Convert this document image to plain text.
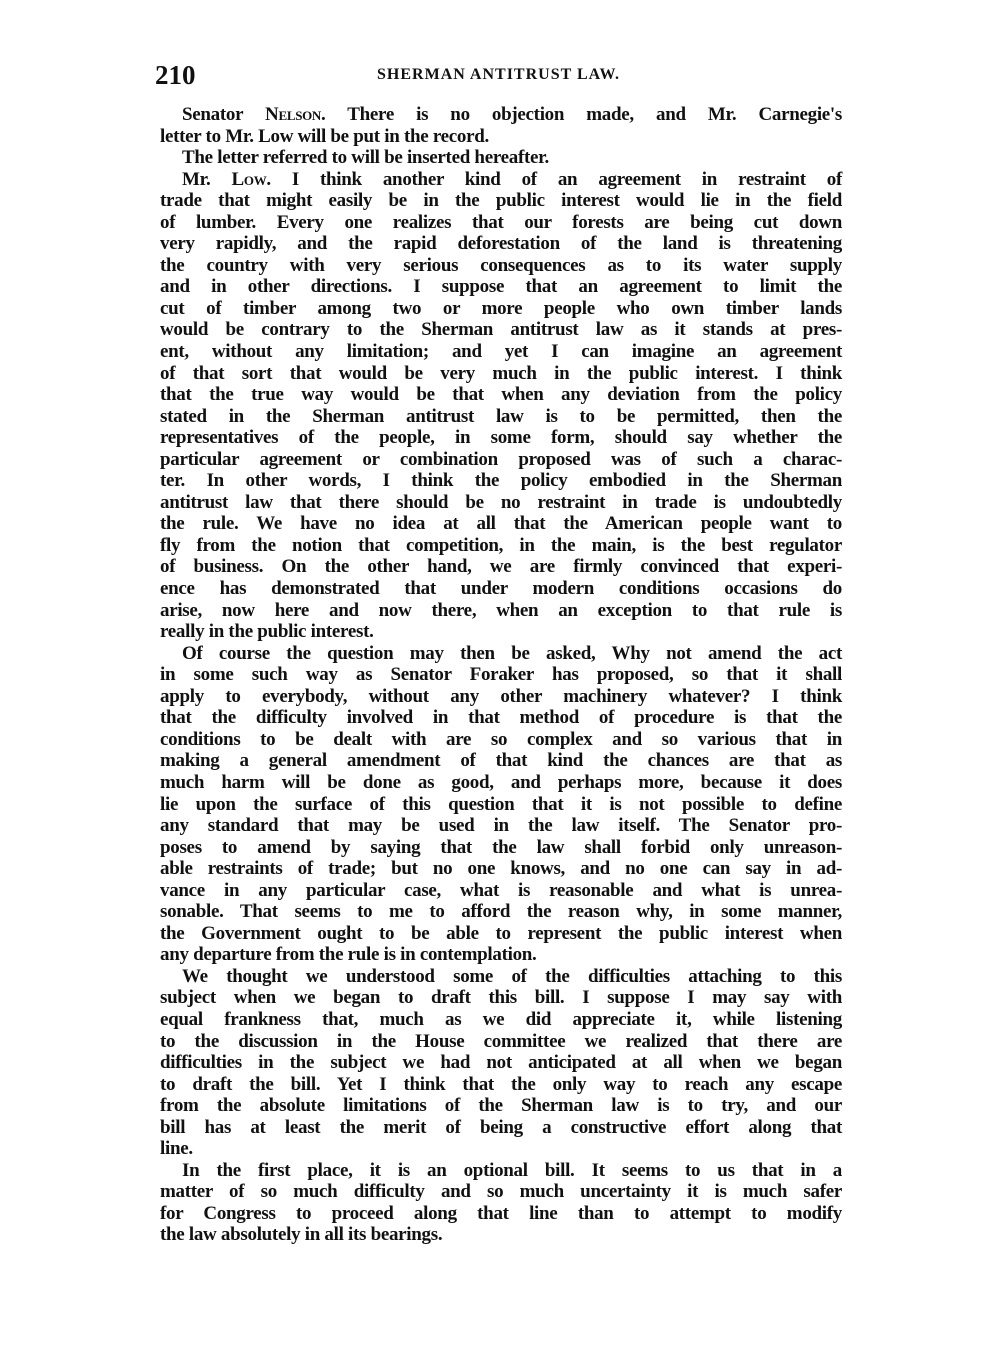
210	SHERMAN ANTITRUST LAW.
Senator Nelson. There is no objection made, and Mr. Carnegie's
letter to Mr. Low will be put in the record.
The letter referred to will be inserted hereafter.
Mr. Low. I think another kind of an agreement in restraint of
trade that might easily be in the public interest would lie in the field
of lumber. Every one realizes that our forests are being cut down
very rapidly, and the rapid deforestation of the land is threatening
the country with very serious consequences as to its water supply
and in other directions. I suppose that an agreement to limit the
cut of timber among two or more people who own timber lands
would be contrary to the Sherman antitrust law as it stands at pres-
ent, without any limitation; and yet I can imagine an agreement
of that sort that would be very much in the public interest. I think
that the true way would be that when any deviation from the policy
stated in the Sherman antitrust law is to be permitted, then the
representatives of the people, in some form, should say whether the
particular agreement or combination proposed was of such a charac-
ter. In other words, I think the policy embodied in the Sherman
antitrust law that there should be no restraint in trade is undoubtedly
the rule. We have no idea at all that the American people want to
fly from the notion that competition, in the main, is the best regulator
of business. On the other hand, we are firmly convinced that experi-
ence has demonstrated that under modern conditions occasions do
arise, now here and now there, when an exception to that rule is
really in the public interest.
Of course the question may then be asked, Why not amend the act
in some such way as Senator Foraker has proposed, so that it shall
apply to everybody, without any other machinery whatever? I think
that the difficulty involved in that method of procedure is that the
conditions to be dealt with are so complex and so various that in
making a general amendment of that kind the chances are that as
much harm will be done as good, and perhaps more, because it does
lie upon the surface of this question that it is not possible to define
any standard that may be used in the law itself. The Senator pro-
poses to amend by saying that the law shall forbid only unreason-
able restraints of trade; but no one knows, and no one can say in ad-
vance in any particular case, what is reasonable and what is unrea-
sonable. That seems to me to afford the reason why, in some manner,
the Government ought to be able to represent the public interest when
any departure from the rule is in contemplation.
We thought we understood some of the difficulties attaching to this
subject when we began to draft this bill. I suppose I may say with
equal frankness that, much as we did appreciate it, while listening
to the discussion in the House committee we realized that there are
difficulties in the subject we had not anticipated at all when we began
to draft the bill. Yet I think that the only way to reach any escape
from the absolute limitations of the Sherman law is to try, and our
bill has at least the merit of being a constructive effort along that
line.
In the first place, it is an optional bill. It seems to us that in a
matter of so much difficulty and so much uncertainty it is much safer
for Congress to proceed along that line than to attempt to modify
the law absolutely in all its bearings.
